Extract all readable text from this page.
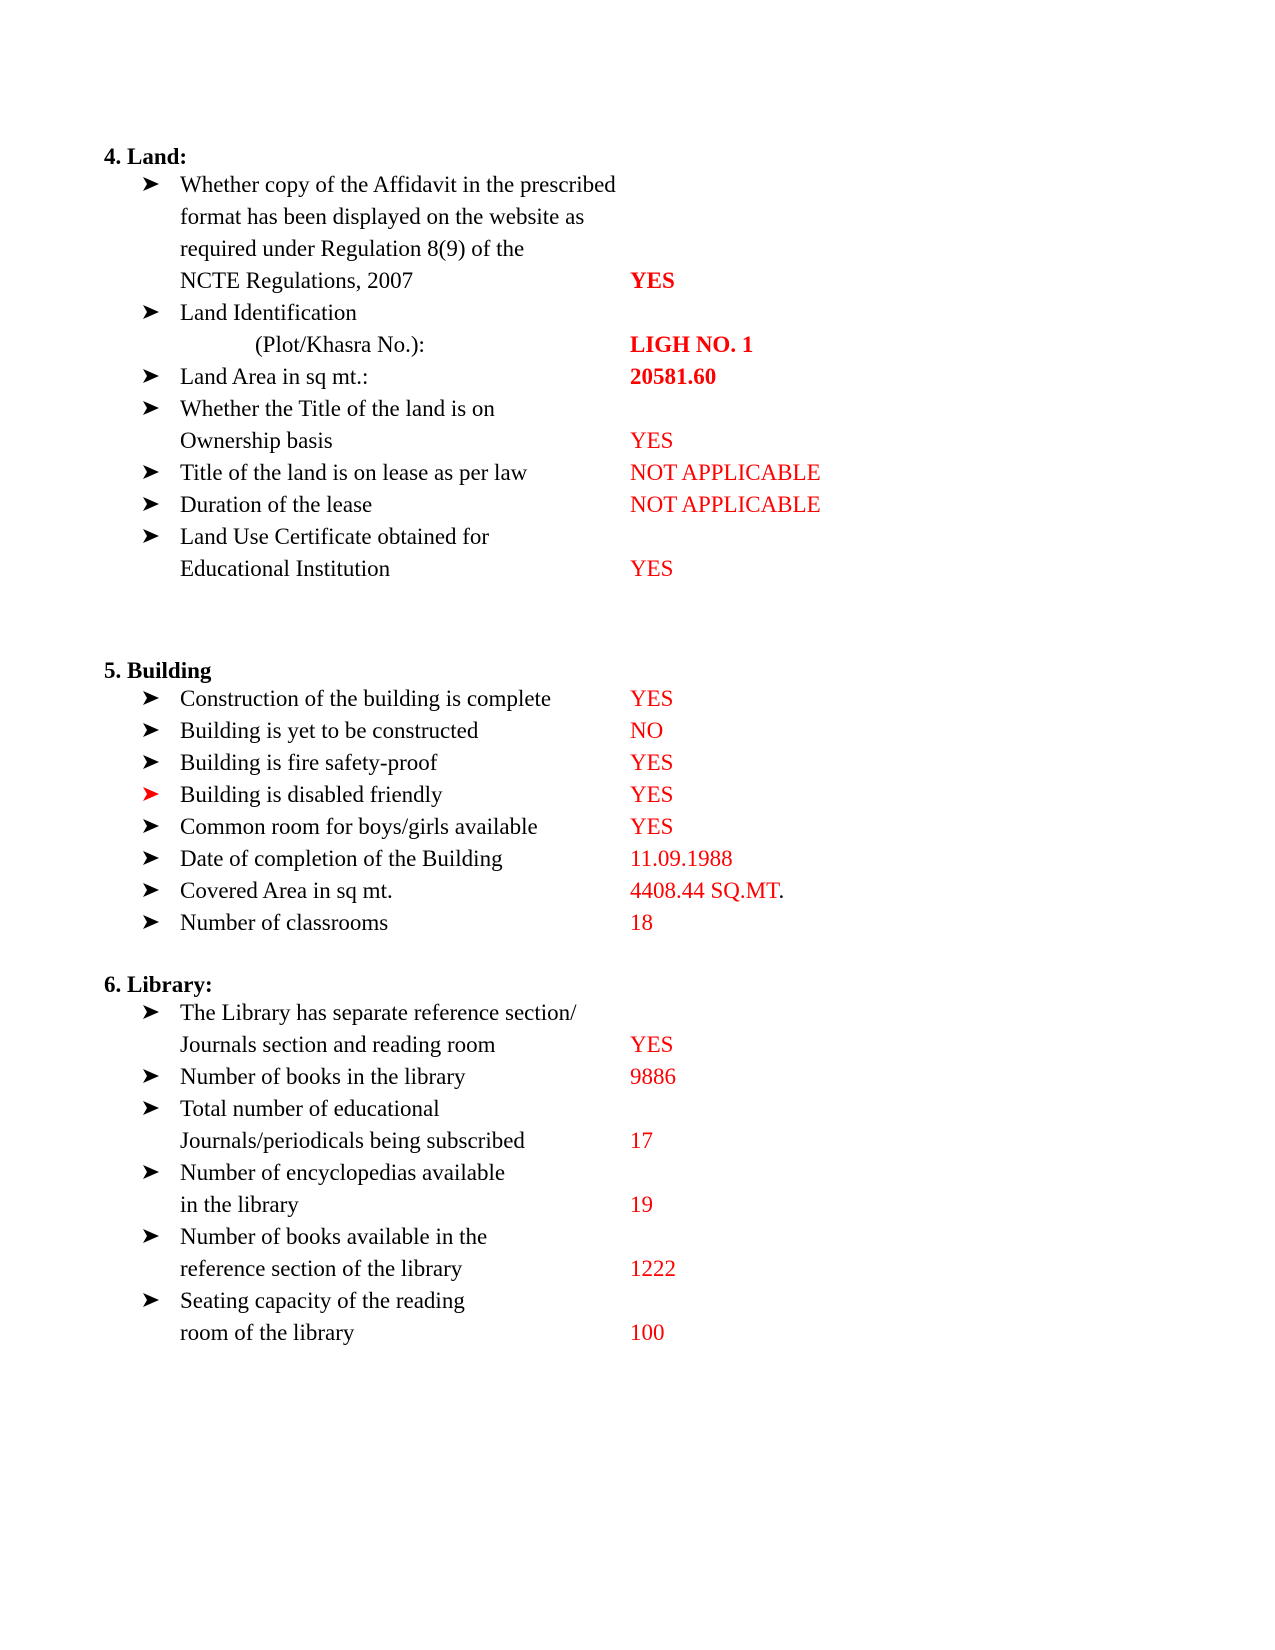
4. Land:
Whether copy of the Affidavit in the prescribed
format has been displayed on the website as
required under Regulation 8(9) of the
NCTE Regulations, 2007	YES
Land Identification
(Plot/Khasra No.):	LIGH NO. 1
Land Area in sq mt.:	20581.60
Whether the Title of the land is on
Ownership basis	YES
Title of the land is on lease as per law	NOT APPLICABLE
Duration of the lease	NOT APPLICABLE
Land Use Certificate obtained for
Educational Institution	YES
5. Building
Construction of the building is complete	YES
Building is yet to be constructed	NO
Building is fire safety-proof	YES
Building is disabled friendly	YES
Common room for boys/girls available	YES
Date of completion of the Building	11.09.1988
Covered Area in sq mt.	4408.44 SQ.MT.
Number of classrooms	18
6. Library:
The Library has separate reference section/
Journals section and reading room	YES
Number of books in the library	9886
Total number of educational
Journals/periodicals being subscribed	17
Number of encyclopedias available
in the library	19
Number of books available in the
reference section of the library	1222
Seating capacity of the reading
room of the library	100
